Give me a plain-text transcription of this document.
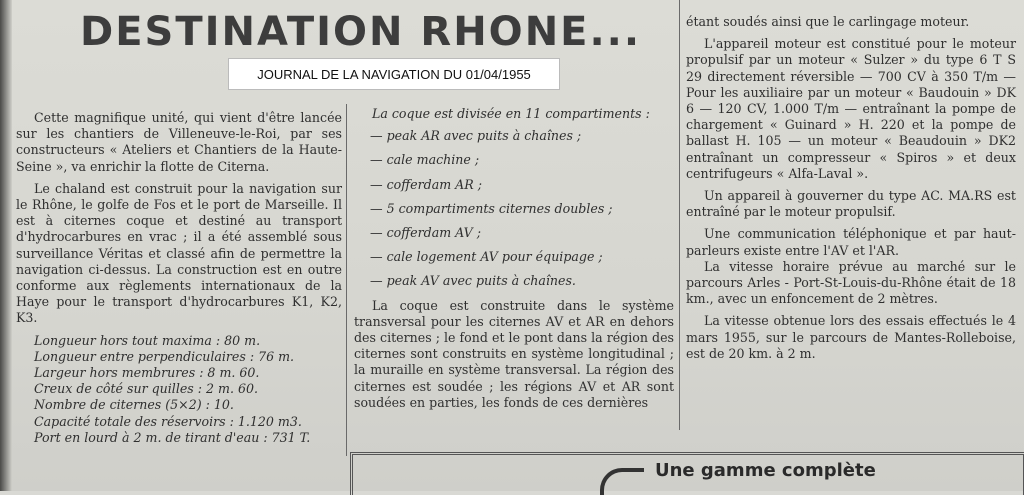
DESTINATION RHONE...
JOURNAL DE LA NAVIGATION DU 01/04/1955

Cette magnifique unité, qui vient d'être lancée sur les chantiers de Villeneuve-le-Roi, par ses constructeurs « Ateliers et Chantiers de la Haute-Seine », va enrichir la flotte de Citerna.

Le chaland est construit pour la navigation sur le Rhône, le golfe de Fos et le port de Marseille. Il est à citernes coque et destiné au transport d'hydrocarbures en vrac ; il a été assemblé sous surveillance Véritas et classé afin de permettre la navigation ci-dessus. La construction est en outre conforme aux règlements internationaux de la Haye pour le transport d'hydrocarbures K1, K2, K3.

Longueur hors tout maxima : 80 m.

Longueur entre perpendiculaires : 76 m.

Largeur hors membrures : 8 m. 60.

Creux de côté sur quilles : 2 m. 60.

Nombre de citernes (5×2) : 10.

Capacité totale des réservoirs : 1.120 m3.

Port en lourd à 2 m. de tirant d'eau : 731 T.

La coque est divisée en 11 compartiments :

— peak AR avec puits à chaînes ;

— cale machine ;

— cofferdam AR ;

— 5 compartiments citernes doubles ;

— cofferdam AV ;

— cale logement AV pour équipage ;

— peak AV avec puits à chaînes.

La coque est construite dans le système transversal pour les citernes AV et AR en dehors des citernes ; le fond et le pont dans la région des citernes sont construits en système longitudinal ; la muraille en système transversal. La région des citernes est soudée ; les régions AV et AR sont soudées en parties, les fonds de ces dernières

étant soudés ainsi que le carlingage moteur.

L'appareil moteur est constitué pour le moteur propulsif par un moteur « Sulzer » du type 6 T S 29 directement réversible — 700 CV à 350 T/m — Pour les auxiliaire par un moteur « Baudouin » DK 6 — 120 CV, 1.000 T/m — entraînant la pompe de chargement « Guinard » H. 220 et la pompe de ballast H. 105 — un moteur « Beaudouin » DK2 entraînant un compresseur « Spiros » et deux centrifugeurs « Alfa-Laval ».

Un appareil à gouverner du type AC. MA.RS est entraîné par le moteur propulsif.

Une communication téléphonique et par haut-parleurs existe entre l'AV et l'AR.

La vitesse horaire prévue au marché sur le parcours Arles - Port-St-Louis-du-Rhône était de 18 km., avec un enfoncement de 2 mètres.

La vitesse obtenue lors des essais effectués le 4 mars 1955, sur le parcours de Mantes-Rolleboise, est de 20 km. à 2 m.

Une gamme complète
